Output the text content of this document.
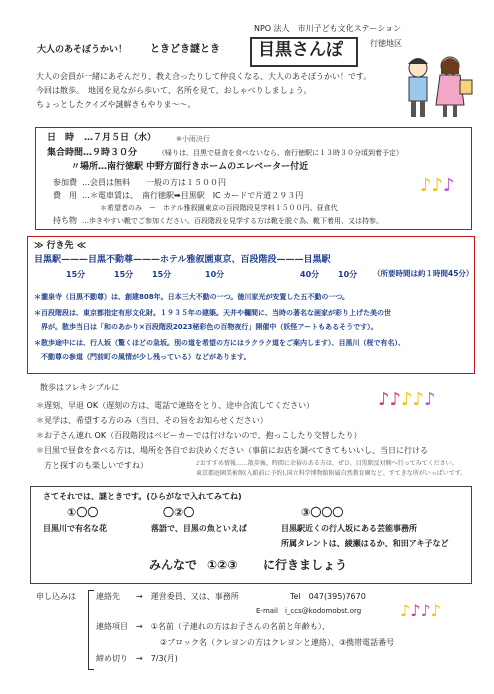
NPO 法人　市川子ども文化ステーション
行徳地区
大人のあそぼうかい！ ときどき謎とき 目黒さんぽ
大人の会員が一緒にあそんだり、教え合ったりして仲良くなる、大人のあそぼうかい！です。
今回は散歩。　地図を見ながら歩いて、名所を見て、おしゃべりしましょう。
ちょっとしたクイズや謎解きもやりま〜〜。
日　時 …７月５日（水）	※小雨決行
集合時間…９時３０分	（帰りは、目黒で昼食を食べないなら、南行徳駅に１３時３０分頃到着予定）
〃場所…南行徳駅 中野方面行きホームのエレベーター付近
参加費 …会員は無料　　一般の方は１５００円
費　用 …＊電車賃は、　南行徳駅➡目黒駅　IC カードで片道２９３円
＊希望者のみ　ー　ホテル雅叙園東京の百段階段見学料１５００円、昼食代
持ち物 …歩きやすい靴でご参加ください。百段階段を見学する方は靴を脱ぐ為、靴下着用、又は持参。
♪♪♪
≫ 行き先 ≪
目黒駅———目黒不動尊———ホテル雅叙園東京、百段階段———目黒駅
15分	15分 15分	10分	40分 10分 （所要時間は約１時間45分）
＊瀧泉寺（目黒不動尊）は、創建808年。日本三大不動の一つ。徳川家光が安置した五不動の一つ。
＊百段階段は、東京都指定有形文化財。１９３５年の建築。天井や欄間に、当時の著名な画家が彩り上げた美の世
　界が。散歩当日は「和のあかり×百段階段2023秘彩色の百物夜行」開催中（妖怪アートもあるそうです）。
＊散歩途中には、行人坂（驚くほどの急坂。別の道を希望の方にはラクラク道をご案内します）、目黒川（桜で有名）、
　不動尊の参道（門前町の風情が少し残っている）などがあります。
散歩はフレキシブルに
♪♪♪♪♪
＊遅刻、早退 OK（遅刻の方は、電話で連絡をとり、途中合流してください）
＊見学は、希望する方のみ（当日、その旨をお知らせください）
＊お子さん連れ OK（百段階段はベビーカーでは行けないので、抱っこしたり交替したり）
＊目黒で昼食を食べる方は、場所を各自でお決めください（事前にお店を調べてきてもいいし、当日に行ける
　方と探すのも楽しいですね）	♪おすすめ情報……散歩後、時間に余裕のある方は、ぜひ、目黒駅反対側へ行ってみてください。
東京都庭園美術館(入館前に予約),国立科学博物館附属自然教育園など、すてきな所がいっぱいです。
さてそれでは、謎ときです。(ひらがなで入れてみてね)
①〇〇
目黒川で有名な花
〇②〇
落語で、目黒の魚といえば
③〇〇〇
目黒駅近くの行人坂にある芸能事務所
所属タレントは、綾瀬はるか、和田アキ子など
みんなで ①②③ に行きましょう
申し込みは	連絡先 →　運営委員、又は、事務所	Tel　047(395)7670
E-mail　i_ccs@kodomobst.org ♪♪♪♪
連絡項目 →　①名前（子連れの方はお子さんの名前と年齢も）、
②ブロック名（クレヨンの方はクレヨンと連絡）、③携帯電話番号
締め切り →　7/3(月)
